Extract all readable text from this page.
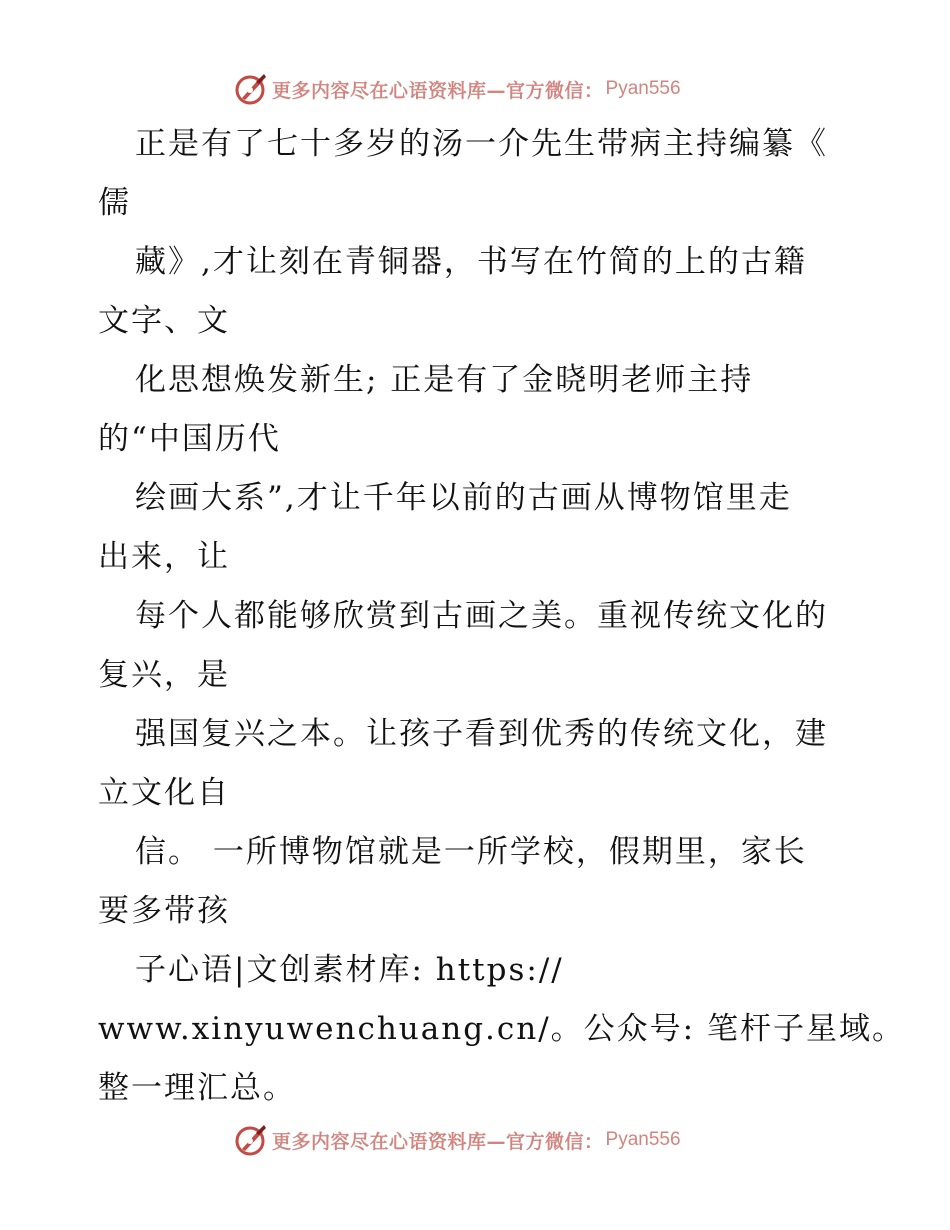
更多内容尽在心语资料库—官方微信： Pyan556
正是有了七十多岁的汤一介先生带病主持编纂《
儒
藏》,才让刻在青铜器，书写在竹简的上的古籍
文字、文
化思想焕发新生; 正是有了金晓明老师主持
的“中国历代
绘画大系”,才让千年以前的古画从博物馆里走
出来，让
每个人都能够欣赏到古画之美。重视传统文化的
复兴，是
强国复兴之本。让孩子看到优秀的传统文化，建
立文化自
信。 一所博物馆就是一所学校，假期里，家长
要多带孩
子心语|文创素材库: https://
www.xinyuwenchuang.cn/。公众号: 笔杆子星域。
整一理汇总。
更多内容尽在心语资料库—官方微信： Pyan556
